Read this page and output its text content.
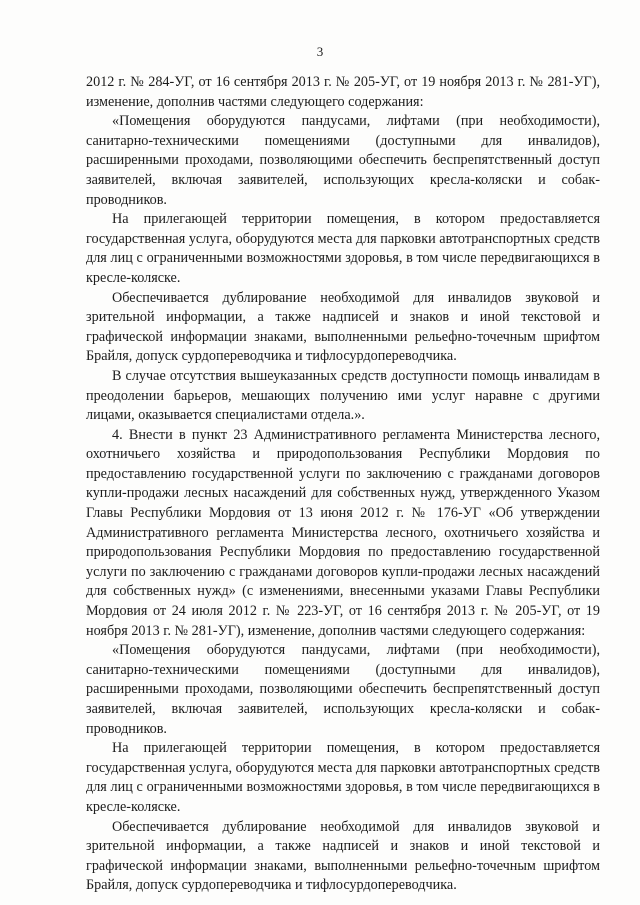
3

2012 г. № 284-УГ, от 16 сентября 2013 г. № 205-УГ, от 19 ноября 2013 г. № 281-УГ), изменение, дополнив частями следующего содержания:

«Помещения оборудуются пандусами, лифтами (при необходимости), санитарно-техническими помещениями (доступными для инвалидов), расширенными проходами, позволяющими обеспечить беспрепятственный доступ заявителей, включая заявителей, использующих кресла-коляски и собак-проводников.

На прилегающей территории помещения, в котором предоставляется государственная услуга, оборудуются места для парковки автотранспортных средств для лиц с ограниченными возможностями здоровья, в том числе передвигающихся в кресле-коляске.

Обеспечивается дублирование необходимой для инвалидов звуковой и зрительной информации, а также надписей и знаков и иной текстовой и графической информации знаками, выполненными рельефно-точечным шрифтом Брайля, допуск сурдопереводчика и тифлосурдопереводчика.

В случае отсутствия вышеуказанных средств доступности помощь инвалидам в преодолении барьеров, мешающих получению ими услуг наравне с другими лицами, оказывается специалистами отдела.».

4. Внести в пункт 23 Административного регламента Министерства лесного, охотничьего хозяйства и природопользования Республики Мордовия по предоставлению государственной услуги по заключению с гражданами договоров купли-продажи лесных насаждений для собственных нужд, утвержденного Указом Главы Республики Мордовия от 13 июня 2012 г. № 176-УГ «Об утверждении Административного регламента Министерства лесного, охотничьего хозяйства и природопользования Республики Мордовия по предоставлению государственной услуги по заключению с гражданами договоров купли-продажи лесных насаждений для собственных нужд» (с изменениями, внесенными указами Главы Республики Мордовия от 24 июля 2012 г. № 223-УГ, от 16 сентября 2013 г. № 205-УГ, от 19 ноября 2013 г. № 281-УГ), изменение, дополнив частями следующего содержания:

«Помещения оборудуются пандусами, лифтами (при необходимости), санитарно-техническими помещениями (доступными для инвалидов), расширенными проходами, позволяющими обеспечить беспрепятственный доступ заявителей, включая заявителей, использующих кресла-коляски и собак-проводников.

На прилегающей территории помещения, в котором предоставляется государственная услуга, оборудуются места для парковки автотранспортных средств для лиц с ограниченными возможностями здоровья, в том числе передвигающихся в кресле-коляске.

Обеспечивается дублирование необходимой для инвалидов звуковой и зрительной информации, а также надписей и знаков и иной текстовой и графической информации знаками, выполненными рельефно-точечным шрифтом Брайля, допуск сурдопереводчика и тифлосурдопереводчика.
